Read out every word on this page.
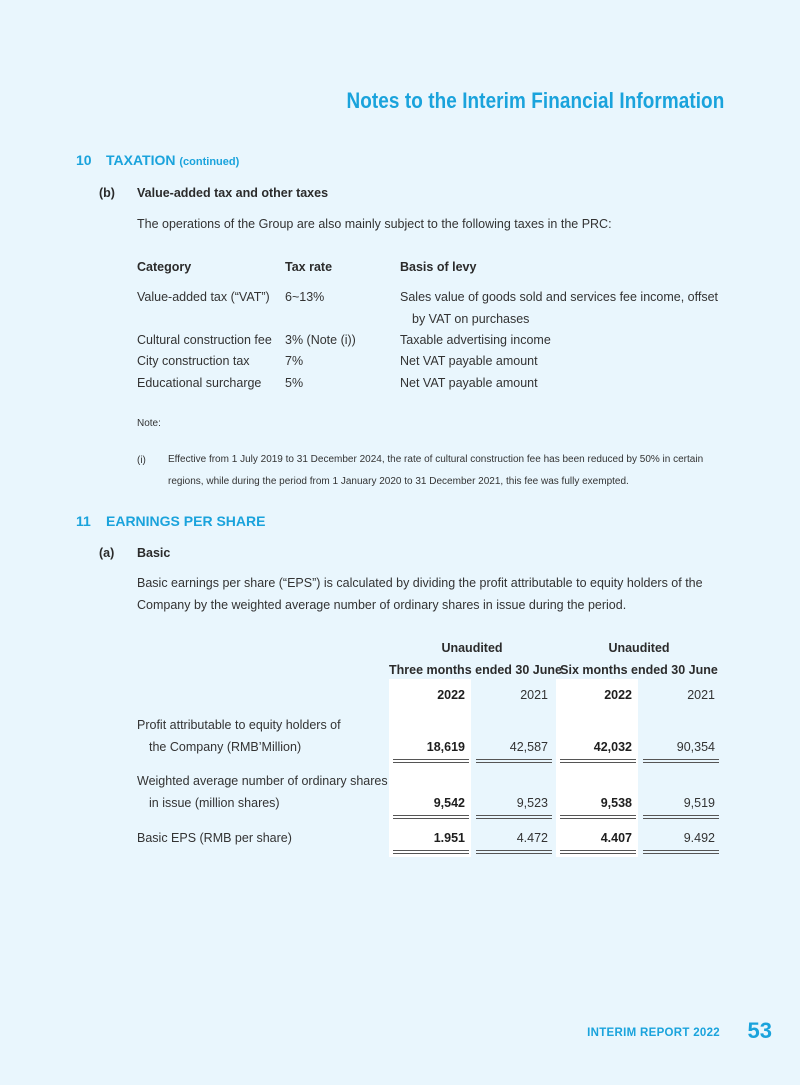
Notes to the Interim Financial Information
10 TAXATION (continued)
(b) Value-added tax and other taxes
The operations of the Group are also mainly subject to the following taxes in the PRC:
Category	Tax rate	Basis of levy
Value-added tax (“VAT”) 6~13%	Sales value of goods sold and services fee income, offset
by VAT on purchases
Cultural construction fee 3% (Note (i))	Taxable advertising income
City construction tax	7%	Net VAT payable amount
Educational surcharge 5%	Net VAT payable amount
Note:
(i) Effective from 1 July 2019 to 31 December 2024, the rate of cultural construction fee has been reduced by 50% in certain regions, while during the period from 1 January 2020 to 31 December 2021, this fee was fully exempted.
11 EARNINGS PER SHARE
(a) Basic
Basic earnings per share (“EPS”) is calculated by dividing the profit attributable to equity holders of the Company by the weighted average number of ordinary shares in issue during the period.
Unaudited
Three months ended 30 June
Unaudited
Six months ended 30 June
2022	2021	2022	2021
Profit attributable to equity holders of
the Company (RMB’Million)	18,619	42,587	42,032	90,354
Weighted average number of ordinary shares
in issue (million shares)	9,542	9,523	9,538	9,519
Basic EPS (RMB per share)	1.951	4.472	4.407	9.492
INTERIM REPORT 2022 53
